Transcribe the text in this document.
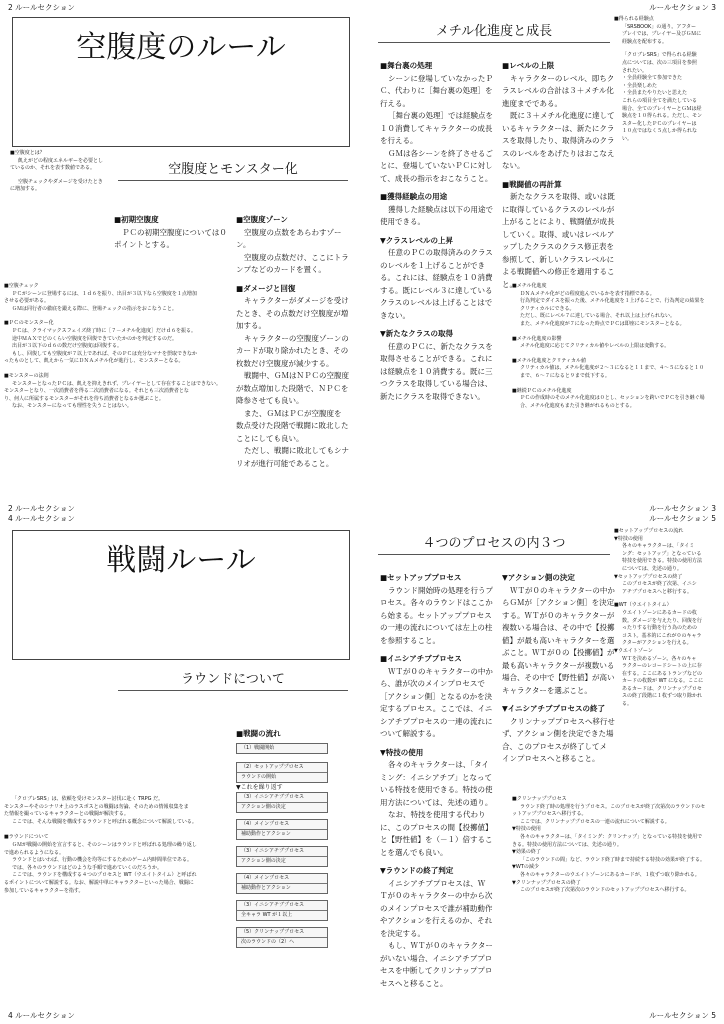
2 ルールセクション	ルールセクション 3
空腹度のルール
空腹度とモンスター化
■空腹度とは？
飢えがどの程度エネルギーを必要とし
ているのか、それを表す数値である。
空腹チェックやダメージを受けたとき
に増加する。
■初期空腹度
ＰＣの初期空腹度については０
ポイントとする。
■空腹度ゾーン
空腹度の点数をあらわすゾー
ン。
空腹度の点数だけ、ここにトラ
ンプなどのカードを置く。
■ダメージと回復
キャラクターがダメージを受け
たとき、その点数だけ空腹度が増
加する。
キャラクターの空腹度ゾーンの
カードが取り除かれたとき、その
枚数だけ空腹度が減少する。
戦闘中、ＧＭはＮＰＣの空腹度
が数点増加した段階で、ＮＰＣを
降参させても良い。
また、ＧＭはＰＣが空腹度を
数点受けた段階で戦闘に敗北した
ことにしても良い。
ただし、戦闘に敗北してもシナ
リオが進行可能であること。
■空腹チェック
ＰＣがシーンに登場するには、１ｄ６を振り、出目が３以下なら空腹度を１点増加
させる必要がある。
ＧＭは同行者の徹底を鍛える際に、登場チェックの指示をおこなうこと。
■ＰＣのモンスター化
ＰＣは、クライマックスフェイズ終了時に［７－メチル化進度］だけｄ６を振る。
途中ＭＡＸでどのくらい空腹度を回復できていたかのかを判定するのだ。
出目が３以下のｄ６の数だけ空腹度は回復する。
もし、回復しても空腹度が７以上であれば、そのＰＣは充分なマナを摂取できなか
ったものとして、飢えから一気にＤＮＡメチル化が進行し、モンスターとなる。
■モンスターの法則
モンスターとなったＰＣは、飢えを抑えきれず、プレイヤーとして存在することはできない。
モンスターとなり、一次消費者を得る二次消費者になる。それとも三次消費者とな
り、何人に所属するモンスターがそれを待ち消費者となるか選ぶこと。
なお、モンスターになっても理性を失うことはない。
メチル化進度と成長
■舞台裏の処理
シーンに登場していなかったＰ
Ｃ、代わりに［舞台裏の処理］を
行える。
［舞台裏の処理］では経験点を
１０消費してキャラクターの成長
を行える。
ＧＭは各シーンを終了させるご
とに、登場していないＰＣに対し
て、成長の指示をおこなうこと。
■獲得経験点の用途
獲得した経験点は以下の用途で
使用できる。
▼クラスレベルの上昇
任意のＰＣの取得済みのクラス
のレベルを１上げることができ
る。これには、経験点を１０消費
する。既にレベル３に達している
クラスのレベルは上げることはで
きない。
▼新たなクラスの取得
任意のＰＣに、新たなクラスを
取得させることができる。これに
は経験点を１０消費する。既に三
つクラスを取得している場合は、
新たにクラスを取得できない。
■レベルの上限
キャラクターのレベル、即ちク
ラスレベルの合計は３＋メチル化
進度までである。
既に３＋メチル化進度に達して
いるキャラクターは、新たにクラ
スを取得したり、取得済みのクラ
スのレベルをあげたりはおこなえ
ない。
■戦闘値の再計算
新たなクラスを取得、或いは既
に取得しているクラスのレベルが
上がることにより、戦闘値が成長
していく。取得、或いはレベルア
ップしたクラスのクラス修正表を
参照して、新しいクラスレベルに
よる戦闘値への修正を適用するこ
と。
■得られる経験点
「SRSBOOK」の通り。アフター
プレイでは、プレイヤー及びＧＭに
経験点を配布する。
「クロブレSRS」で得られる経験
点については、次の三項目を参照
されたい。
・全員経験全て参加できた
・全員楽しめた
・全員またやりたいと思えた
これらの項目全てを満たしている
場合、全てのプレイヤーとＧＭは経
験点を１０得られる。ただし、モン
スター化したＰＣのプレイヤーは
１０点ではなく５点しか得られな
い。
■メチル化進度
ＤＮＡメチル化がどの程度進んでいるかを表す指標である。
行為判定でダイスを振った後、メチル化進度を１上げることで、行為判定の結果を
クリティカルにできる。
ただし、既にレベル７に達している場合、それ以上は上げられない。
また、メチル化進度が７になった時点でＰＣは即座にモンスターとなる。
■メチル化進度の影響
メチル化進度に応じてクリティカル値やレベルの上限は変動する。
■メチル化進度とクリティカル値
クリティカル値は、メチル化進度が２～３になると１１まで、４～５になると１０
まで、６～７になると９まで低下する。
■継続ＰＣのメチル化進度
ＰＣの作成時のそのメチル化進度は０とし、セッションを跨いでＰＣを引き継ぐ場
合、メチル化進度もまた引き継がれるものとする。
2 ルールセクション
4 ルールセクション
ルールセクション 3
ルールセクション 5
戦闘ルール
ラウンドについて
■戦闘の流れ
（1）戦闘開始
（2）セットアッププロセス
ラウンドの開始
▼これを繰り返す
（3）イニシアチブプロセス
アクション側の決定
（4）メインプロセス
補助動作とアクション
（3）イニシアチブプロセス
アクション側の決定
（4）メインプロセス
補助動作とアクション
（3）イニシアチブプロセス
全キャラ WT が１以上
（5）クリンナッププロセス
次のラウンドの（2）へ
「クロブレSRS」は、依頼を受けモンスター討伐に赴く TRPG だ。
モンスターやそのシナリオ上のラスボスとの戦闘は勿論、そのための情報収集をま
た情報を撮っているキャラクターとの戦闘が解決する。
ここでは、そんな戦闘を構成するラウンドと呼ばれる概念について解説している。
■ラウンドについて
ＧＭが戦闘の開始を宣言すると、そのシーンはラウンドと呼ばれる処理の繰り返し
で進められるようになる。
ラウンドとはいわば、行動の機会を均等にするためのゲーム内時間単位である。
では、各々のラウンドはどのような手順で進めていくのだろうか。
ここでは、ラウンドを構成する４つのプロセスと WT（ウエイトタイム）と呼ばれ
るポイントについて解説する。なお、解説中単にキャラクターといった場合、戦闘に
参加しているキャラクターを指す。
４つのプロセスの内３つ
■セットアッププロセス
ラウンド開始時の処理を行うプ
ロセス。各々のラウンドはここか
ら始まる。セットアッププロセス
の一連の流れについては左上の柱
を参照すること。
■イニシアチブプロセス
ＷＴが０のキャラクターの中か
ら、誰が次のメインプロセスで
［アクション側］となるのかを決
定するプロセス。ここでは、イニ
シアチブプロセスの一連の流れに
ついて解説する。
▼特技の使用
各々のキャラクターは、「タイ
ミング：イニシアチブ」となって
いる特技を使用できる。特技の使
用方法については、先述の通り。
なお、特技を使用する代わり
に、このプロセスの間【投擲値】
と【野性値】を（－１）倍するこ
とを選んでも良い。
▼ラウンドの終了判定
イニシアチブプロセスは、Ｗ
Ｔが０のキャラクターの中から次
のメインプロセスで誰が補助動作
やアクションを行えるのか、それ
を決定する。
もし、ＷＴが０のキャラクター
がいない場合、イニシアチブプロ
セスを中断してクリンナッププロ
セスへと移ること。
▼アクション側の決定
ＷＴが０のキャラクターの中か
らＧＭが［アクション側］を決定
する。ＷＴが０のキャラクターが
複数いる場合は、その中で【投擲
値】が最も高いキャラクターを選
ぶこと。ＷＴが０の【投擲値】が
最も高いキャラクターが複数いる
場合、その中で【野性値】が高い
キャラクターを選ぶこと。
▼イニシアチブプロセスの終了
クリンナッププロセスへ移行せ
ず、アクション側を決定できた場
合、このプロセスが終了してメ
インプロセスへと移ること。
■セットアッププロセスの流れ
▼特技の使用
各々のキャラクターは、「タイミ
ング：セットアップ」となっている
特技を使用できる。特技の使用方法
については、先述の通り。
▼セットアッププロセスの終了
このプロセスが終了次第、イニシ
アチブプロセスへと移行する。
■WT（ウエイトタイム）
ウエイトゾーンにあるカードの枚
数。ダメージを与えたり、回復を行
ったりする行動を行う為のための
コスト。基本的にこれが０のキャラ
クターがアクションを行える。
▼ウエイトゾーン
ＷＴを決めるゾーン。各々のキャ
ラクターのレコードシートの上に存
在する。ここにあるトランプなどの
カードの枚数が WT になる。ここに
あるカードは、クリンナッププロセ
スの終了段階に１枚ずつ取り除かれ
る。
■クリンナッププロセス
ラウンド終了時の処理を行うプロセス。このプロセスが終了次第次のラウンドのセ
ットアッププロセスへ移行する。
ここでは、クリンナッププロセスの一連の流れについて解説する。
▼特技の使用
各々のキャラクターは、「タイミング：クリンナップ」となっている特技を使用で
きる。特技の使用方法については、先述の通り。
▼効果の終了
「このラウンドの間」など、ラウンド終了時まで持続する特技の効果が終了する。
▼WTの減少
各々のキャラクターのウエイトゾーンにあるカードが、１枚ずつ取り除かれる。
▼クリンナッププロセスの終了
このプロセスが終了次第次のラウンドのセットアッププロセスへ移行する。
4 ルールセクション	ルールセクション 5
